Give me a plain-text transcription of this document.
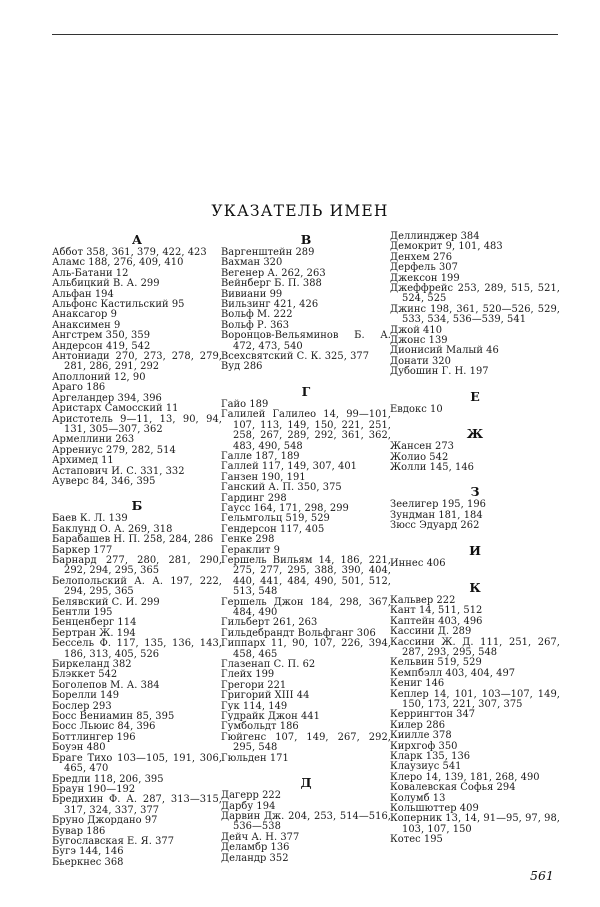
УКАЗАТЕЛЬ ИМЕН
А
Аббот 358, 361, 379, 422, 423
Аламс 188, 276, 409, 410
Аль-Батани 12
Альбицкий В. А. 299
Альфан 194
Альфонс Кастильский 95
Анаксагор 9
Анаксимен 9
Ангстрем 350, 359
Андерсон 419, 542
Антониади 270, 273, 278, 279, 281, 286, 291, 292
Аполлоний 12, 90
Араго 186
Аргеландер 394, 396
Аристарх Самосский 11
Аристотель 9—11, 13, 90, 94, 131, 305—307, 362
Армеллини 263
Аррениус 279, 282, 514
Архимед 11
Астапович И. С. 331, 332
Ауверс 84, 346, 395
Б
Баев К. Л. 139
Баклунд О. А. 269, 318
Барабашев Н. П. 258, 284, 286
Баркер 177
Барнард 277, 280, 281, 290, 292, 294, 295, 365
Белопольский А. А. 197, 222, 294, 295, 365
Белявский С. И. 299
Бентли 195
Бенценберг 114
Бертран Ж. 194
Бессель Ф. 117, 135, 136, 143, 186, 313, 405, 526
Биркеланд 382
Блэккет 542
Боголепов М. А. 384
Борелли 149
Бослер 293
Босс Вениамин 85, 395
Босс Льюис 84, 396
Боттлингер 196
Боуэн 480
Браге Тихо 103—105, 191, 306, 465, 470
Бредли 118, 206, 395
Браун 190—192
Бредихин Ф. А. 287, 313—315, 317, 324, 337, 377
Бруно Джордано 97
Бувар 186
Бугославская Е. Я. 377
Бугэ 144, 146
Бьеркнес 368
В
Варгенштейн 289
Вахман 320
Вегенер А. 262, 263
Вейнберг Б. П. 388
Вивиани 99
Вильзинг 421, 426
Вольф М. 222
Вольф Р. 363
Воронцов-Вельяминов Б. А. 472, 473, 540
Всехсвятский С. К. 325, 377
Вуд 286
Г
Гайо 189
Галилей Галилео 14, 99—101, 107, 113, 149, 150, 221, 251, 258, 267, 289, 292, 361, 362, 483, 490, 548
Галле 187, 189
Галлей 117, 149, 307, 401
Ганзен 190, 191
Ганский А. П. 350, 375
Гардинг 298
Гаусс 164, 171, 298, 299
Гельмгольц 519, 529
Гендерсон 117, 405
Генке 298
Гераклит 9
Гершель Вильям 14, 186, 221, 275, 277, 295, 388, 390, 404, 440, 441, 484, 490, 501, 512, 513, 548
Гершель Джон 184, 298, 367, 484, 490
Гильберт 261, 263
Гильдебрандт Вольфганг 306
Гиппарх 11, 90, 107, 226, 394, 458, 465
Глазенап С. П. 62
Глейх 199
Грегори 221
Григорий XIII 44
Гук 114, 149
Гудрайк Джон 441
Гумбольдт 186
Гюйгенс 107, 149, 267, 292, 295, 548
Гюльден 171
Д
Дагерр 222
Дарбу 194
Дарвин Дж. 204, 253, 514—516, 536—538
Дейч А. Н. 377
Деламбр 136
Деландр 352
Деллинджер 384
Демокрит 9, 101, 483
Денхем 276
Дерфель 307
Джексон 199
Джеффрейс 253, 289, 515, 521, 524, 525
Джинс 198, 361, 520—526, 529, 533, 534, 536—539, 541
Джой 410
Джонс 139
Дионисий Малый 46
Донати 320
Дубошин Г. Н. 197
Е
Евдокс 10
Ж
Жансен 273
Жолио 542
Жолли 145, 146
З
Зеелигер 195, 196
Зундман 181, 184
Зюсс Эдуард 262
И
Иннес 406
К
Кальвер 222
Кант 14, 511, 512
Каптейн 403, 496
Кассини Д. 289
Кассини Ж. Д. 111, 251, 267, 287, 293, 295, 548
Кельвин 519, 529
Кемпбэлл 403, 404, 497
Кениг 146
Кеплер 14, 101, 103—107, 149, 150, 173, 221, 307, 375
Керрингтон 347
Килер 286
Киилле 378
Кирхгоф 350
Кларк 135, 136
Клаузиус 541
Клеро 14, 139, 181, 268, 490
Ковалевская Софья 294
Колумб 13
Кольшюттер 409
Коперник 13, 14, 91—95, 97, 98, 103, 107, 150
Котес 195
561
